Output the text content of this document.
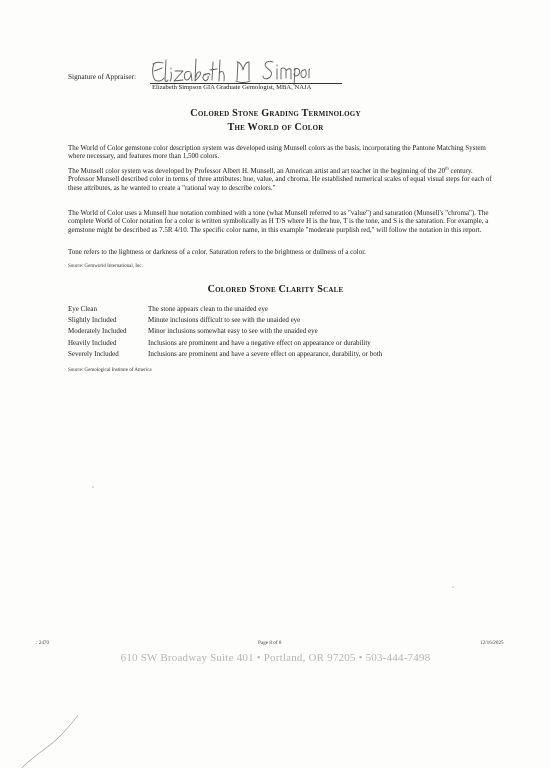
Signature of Appraiser:
Elizabeth Simpson GIA Graduate Gemologist, MBA, NAJA
Colored Stone Grading Terminology
The World of Color
The World of Color gemstone color description system was developed using Munsell colors as the basis, incorporating the Pantone Matching System where necessary, and features more than 1,500 colors.
The Munsell color system was developed by Professor Albert H. Munsell, an American artist and art teacher in the beginning of the 20th century. Professor Munsell described color in terms of three attributes: hue, value, and chroma. He established numerical scales of equal visual steps for each of these attributes, as he wanted to create a "rational way to describe colors."
The World of Color uses a Munsell hue notation combined with a tone (what Munsell referred to as "value") and saturation (Munsell's "chroma"). The complete World of Color notation for a color is written symbolically as H T/S where H is the hue, T is the tone, and S is the saturation. For example, a gemstone might be described as 7.5R 4/10. The specific color name, in this example "moderate purplish red," will follow the notation in this report.
Tone refers to the lightness or darkness of a color. Saturation refers to the brightness or dullness of a color.
Source: Gemworld International, Inc.
Colored Stone Clarity Scale
Eye Clean	The stone appears clean to the unaided eye
Slightly Included	Minute inclusions difficult to see with the unaided eye
Moderately Included	Minor inclusions somewhat easy to see with the unaided eye
Heavily Included	Inclusions are prominent and have a negative effect on appearance or durability
Severely Included	Inclusions are prominent and have a severe effect on appearance, durability, or both
Source: Gemological Institute of America
: 2470	Page 8 of 8	12/16/2025
610 SW Broadway Suite 401 • Portland, OR 97205 • 503-444-7498
